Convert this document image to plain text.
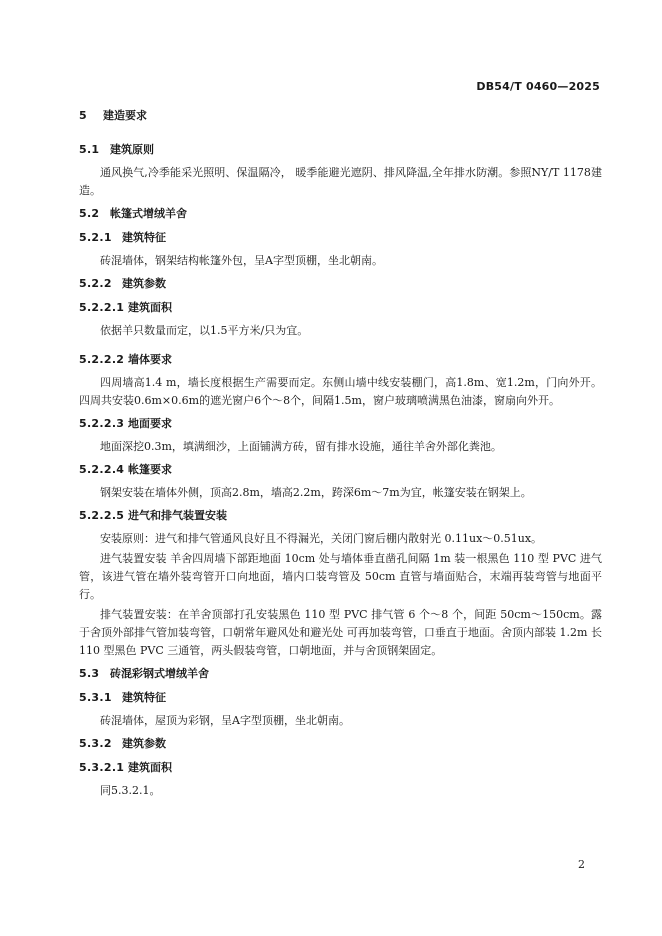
DB54/T 0460—2025
5 建造要求
5.1 建筑原则

通风换气,冷季能采光照明、保温隔冷， 暖季能避光遮阴、排风降温,全年排水防潮。参照NY/T 1178建造。

5.2 帐篷式增绒羊舍
5.2.1 建筑特征

砖混墙体，钢架结构帐篷外包，呈A字型顶棚，坐北朝南。

5.2.2 建筑参数
5.2.2.1 建筑面积

依据羊只数量而定，以1.5平方米/只为宜。

5.2.2.2 墙体要求

四周墙高1.4 m，墙长度根据生产需要而定。东侧山墙中线安装棚门，高1.8m、宽1.2m，门向外开。四周共安装0.6m×0.6m的遮光窗户6个～8个，间隔1.5m，窗户玻璃喷满黑色油漆，窗扇向外开。

5.2.2.3 地面要求

地面深挖0.3m，填满细沙，上面铺满方砖，留有排水设施，通往羊舍外部化粪池。

5.2.2.4 帐篷要求

钢架安装在墙体外侧，顶高2.8m，墙高2.2m，跨深6m～7m为宜，帐篷安装在钢架上。

5.2.2.5 进气和排气装置安装

安装原则：进气和排气管通风良好且不得漏光，关闭门窗后棚内散射光 0.11ux～0.51ux。

进气装置安装 羊舍四周墙下部距地面 10cm 处与墙体垂直凿孔间隔 1m 装一根黑色 110 型 PVC 进气管，该进气管在墙外装弯管开口向地面，墙内口装弯管及 50cm 直管与墙面贴合，末端再装弯管与地面平行。

排气装置安装：在羊舍顶部打孔安装黑色 110 型 PVC 排气管 6 个～8 个，间距 50cm～150cm。露于舍顶外部排气管加装弯管，口朝常年避风处和避光处 可再加装弯管，口垂直于地面。舍顶内部装 1.2m 长 110 型黑色 PVC 三通管，两头假装弯管，口朝地面，并与舍顶钢架固定。

5.3 砖混彩钢式增绒羊舍
5.3.1 建筑特征

砖混墙体，屋顶为彩钢，呈A字型顶棚，坐北朝南。

5.3.2 建筑参数
5.3.2.1 建筑面积

同5.3.2.1。

2
